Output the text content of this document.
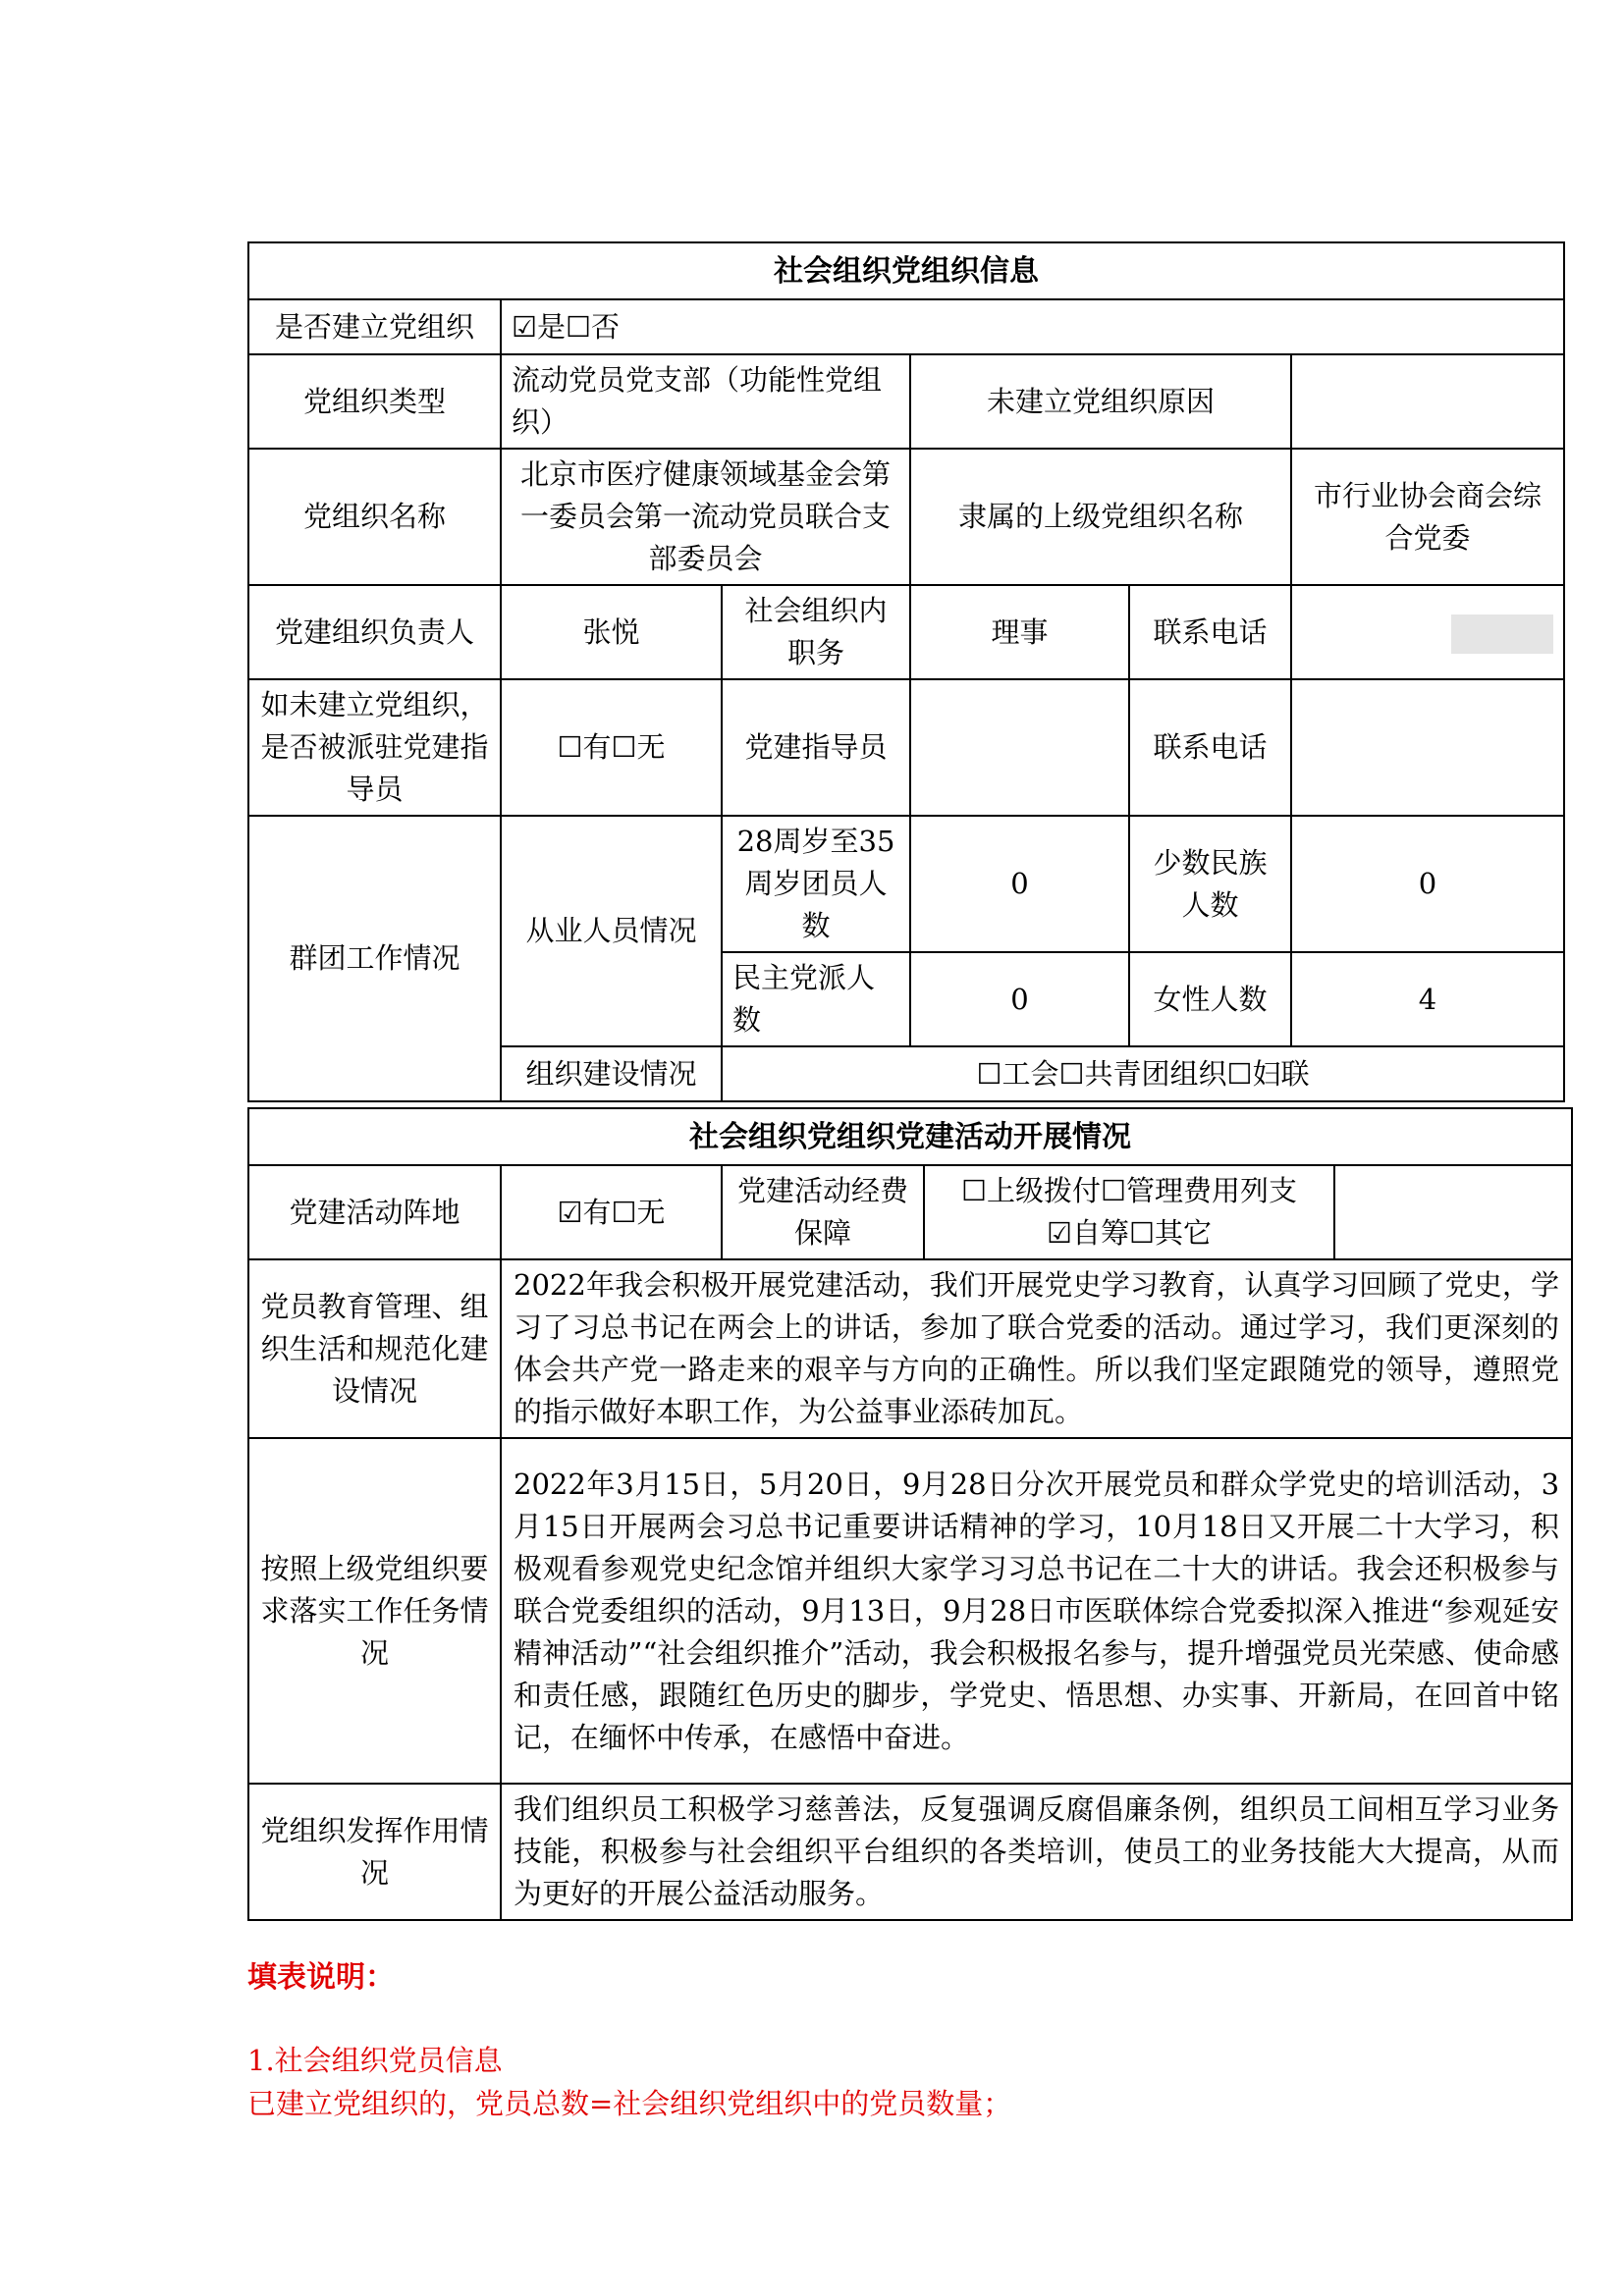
社会组织党组织信息					
是否建立党组织	☑是☐否				
党组织类型	流动党员党支部（功能性党组织）		未建立党组织原因		
党组织名称	北京市医疗健康领域基金会第一委员会第一流动党员联合支部委员会		隶属的上级党组织名称		市行业协会商会综合党委
党建组织负责人	张悦	社会组织内职务	理事	联系电话	
如未建立党组织，是否被派驻党建指导员	☐有☐无	党建指导员		联系电话	
群团工作情况	从业人员情况	28周岁至35周岁团员人数	0	少数民族人数	0
		民主党派人数	0	女性人数	4
	组织建设情况	☐工会☐共青团组织☐妇联			
社会组织党组织党建活动开展情况				
党建活动阵地	☑有☐无	党建活动经费保障	☐上级拨付☐管理费用列支
☑自筹☐其它	

党员教育管理、组织生活和规范化建设情况	2022年我会积极开展党建活动，我们开展党史学习教育，认真学习回顾了党史，学习了习总书记在两会上的讲话，参加了联合党委的活动。通过学习，我们更深刻的体会共产党一路走来的艰辛与方向的正确性。所以我们坚定跟随党的领导，遵照党的指示做好本职工作，为公益事业添砖加瓦。			
按照上级党组织要求落实工作任务情况	2022年3月15日，5月20日，9月28日分次开展党员和群众学党史的培训活动，3月15日开展两会习总书记重要讲话精神的学习，10月18日又开展二十大学习，积极观看参观党史纪念馆并组织大家学习习总书记在二十大的讲话。我会还积极参与联合党委组织的活动，9月13日，9月28日市医联体综合党委拟深入推进“参观延安精神活动”“社会组织推介”活动，我会积极报名参与，提升增强党员光荣感、使命感和责任感，跟随红色历史的脚步，学党史、悟思想、办实事、开新局，在回首中铭记，在缅怀中传承，在感悟中奋进。			
党组织发挥作用情况	我们组织员工积极学习慈善法，反复强调反腐倡廉条例，组织员工间相互学习业务技能，积极参与社会组织平台组织的各类培训，使员工的业务技能大大提高，从而为更好的开展公益活动服务。			
填表说明：
1.社会组织党员信息
已建立党组织的，党员总数=社会组织党组织中的党员数量；
